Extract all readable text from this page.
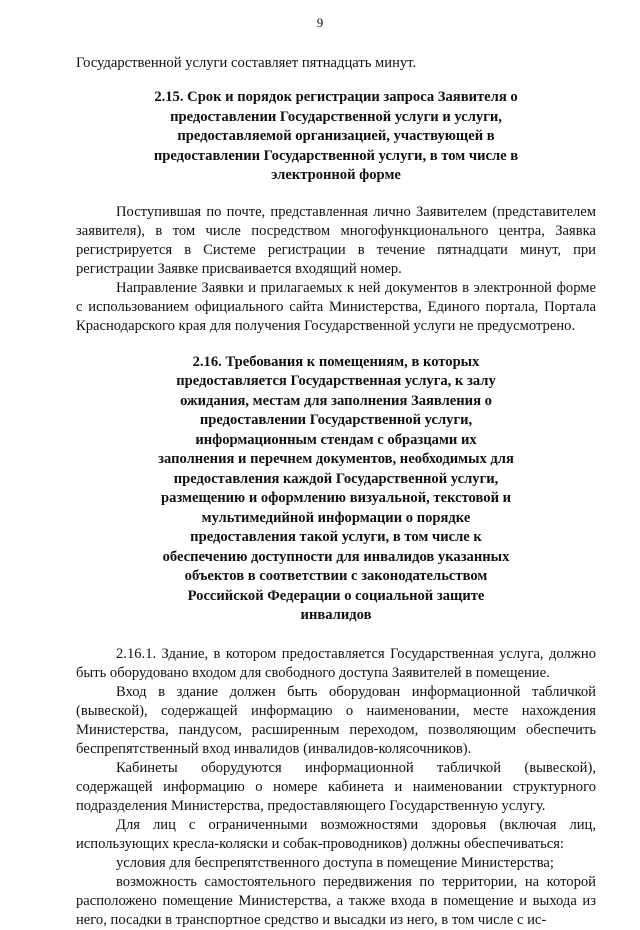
9

Государственной услуги составляет пятнадцать минут.

2.15. Срок и порядок регистрации запроса Заявителя о предоставлении Государственной услуги и услуги, предоставляемой организацией, участвующей в предоставлении Государственной услуги, в том числе в электронной форме

Поступившая по почте, представленная лично Заявителем (представителем заявителя), в том числе посредством многофункционального центра, Заявка регистрируется в Системе регистрации в течение пятнадцати минут, при регистрации Заявке присваивается входящий номер.

Направление Заявки и прилагаемых к ней документов в электронной форме с использованием официального сайта Министерства, Единого портала, Портала Краснодарского края для получения Государственной услуги не предусмотрено.

2.16. Требования к помещениям, в которых предоставляется Государственная услуга, к залу ожидания, местам для заполнения Заявления о предоставлении Государственной услуги, информационным стендам с образцами их заполнения и перечнем документов, необходимых для предоставления каждой Государственной услуги, размещению и оформлению визуальной, текстовой и мультимедийной информации о порядке предоставления такой услуги, в том числе к обеспечению доступности для инвалидов указанных объектов в соответствии с законодательством Российской Федерации о социальной защите инвалидов

2.16.1. Здание, в котором предоставляется Государственная услуга, должно быть оборудовано входом для свободного доступа Заявителей в помещение.

Вход в здание должен быть оборудован информационной табличкой (вывеской), содержащей информацию о наименовании, месте нахождения Министерства, пандусом, расширенным переходом, позволяющим обеспечить беспрепятственный вход инвалидов (инвалидов-колясочников).

Кабинеты оборудуются информационной табличкой (вывеской), содержащей информацию о номере кабинета и наименовании структурного подразделения Министерства, предоставляющего Государственную услугу.

Для лиц с ограниченными возможностями здоровья (включая лиц, использующих кресла-коляски и собак-проводников) должны обеспечиваться:

условия для беспрепятственного доступа в помещение Министерства;

возможность самостоятельного передвижения по территории, на которой расположено помещение Министерства, а также входа в помещение и выхода из него, посадки в транспортное средство и высадки из него, в том числе с ис-
